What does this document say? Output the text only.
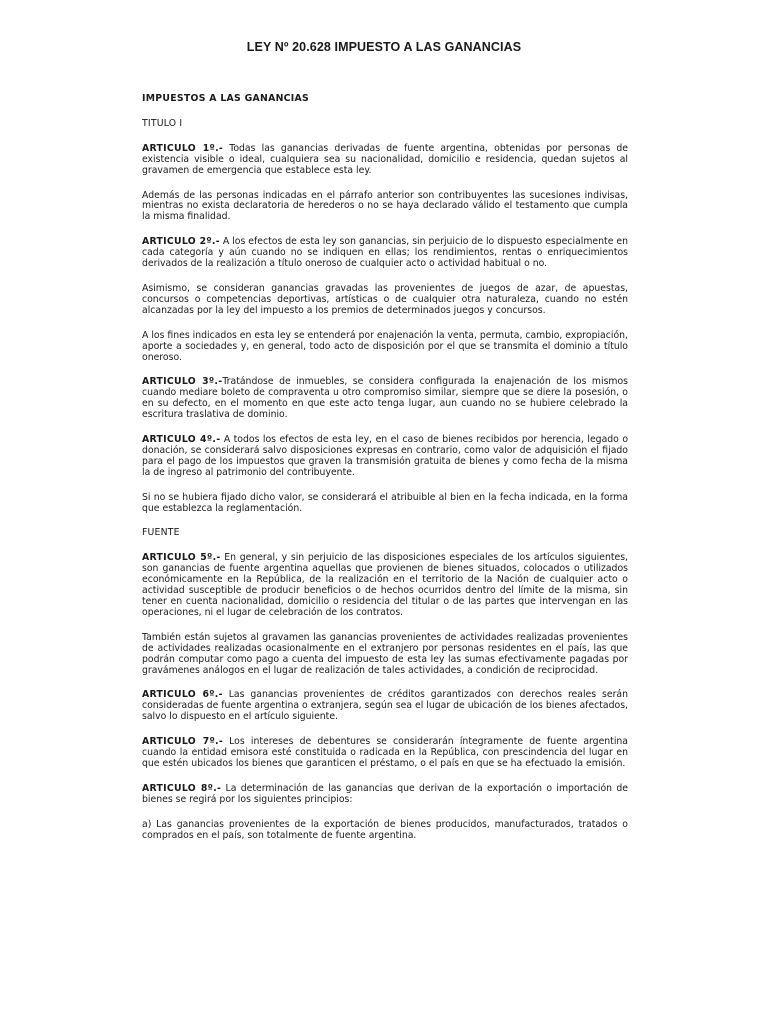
LEY Nº 20.628 IMPUESTO A LAS GANANCIAS

IMPUESTOS A LAS GANANCIAS

TITULO I

ARTICULO 1º.- Todas las ganancias derivadas de fuente argentina, obtenidas por personas de existencia visible o ideal, cualquiera sea su nacionalidad, domicilio e residencia, quedan sujetos al gravamen de emergencia que establece esta ley.

Además de las personas indicadas en el párrafo anterior son contribuyentes las sucesiones indivisas, mientras no exista declaratoria de herederos o no se haya declarado válido el testamento que cumpla la misma finalidad.

ARTICULO 2º.- A los efectos de esta ley son ganancias, sin perjuicio de lo dispuesto especialmente en cada categoría y aún cuando no se indiquen en ellas; los rendimientos, rentas o enriquecimientos derivados de la realización a título oneroso de cualquier acto o actividad habitual o no.

Asimismo, se consideran ganancias gravadas las provenientes de juegos de azar, de apuestas, concursos o competencias deportivas, artísticas o de cualquier otra naturaleza, cuando no estén alcanzadas por la ley del impuesto a los premios de determinados juegos y concursos.

A los fines indicados en esta ley se entenderá por enajenación la venta, permuta, cambio, expropiación, aporte a sociedades y, en general, todo acto de disposición por el que se transmita el dominio a título oneroso.

ARTICULO 3º.-Tratándose de inmuebles, se considera configurada la enajenación de los mismos cuando mediare boleto de compraventa u otro compromiso similar, siempre que se diere la posesión, o en su defecto, en el momento en que este acto tenga lugar, aun cuando no se hubiere celebrado la escritura traslativa de dominio.

ARTICULO 4º.- A todos los efectos de esta ley, en el caso de bienes recibidos por herencia, legado o donación, se considerará salvo disposiciones expresas en contrario, como valor de adquisición el fijado para el pago de los impuestos que graven la transmisión gratuita de bienes y como fecha de la misma la de ingreso al patrimonio del contribuyente.

Si no se hubiera fijado dicho valor, se considerará el atribuible al bien en la fecha indicada, en la forma que establezca la reglamentación.

FUENTE

ARTICULO 5º.- En general, y sin perjuicio de las disposiciones especiales de los artículos siguientes, son ganancias de fuente argentina aquellas que provienen de bienes situados, colocados o utilizados económicamente en la República, de la realización en el territorio de la Nación de cualquier acto o actividad susceptible de producir beneficios o de hechos ocurridos dentro del límite de la misma, sin tener en cuenta nacionalidad, domicilio o residencia del titular o de las partes que intervengan en las operaciones, ni el lugar de celebración de los contratos.

También están sujetos al gravamen las ganancias provenientes de actividades realizadas provenientes de actividades realizadas ocasionalmente en el extranjero por personas residentes en el país, las que podrán computar como pago a cuenta del impuesto de esta ley las sumas efectivamente pagadas por gravámenes análogos en el lugar de realización de tales actividades, a condición de reciprocidad.

ARTICULO 6º.- Las ganancias provenientes de créditos garantizados con derechos reales serán consideradas de fuente argentina o extranjera, según sea el lugar de ubicación de los bienes afectados, salvo lo dispuesto en el artículo siguiente.

ARTICULO 7º.- Los intereses de debentures se considerarán íntegramente de fuente argentina cuando la entidad emisora esté constituida o radicada en la República, con prescindencia del lugar en que estén ubicados los bienes que garanticen el préstamo, o el país en que se ha efectuado la emisión.

ARTICULO 8º.- La determinación de las ganancias que derivan de la exportación o importación de bienes se regirá por los siguientes principios:

a) Las ganancias provenientes de la exportación de bienes producidos, manufacturados, tratados o comprados en el país, son totalmente de fuente argentina.
